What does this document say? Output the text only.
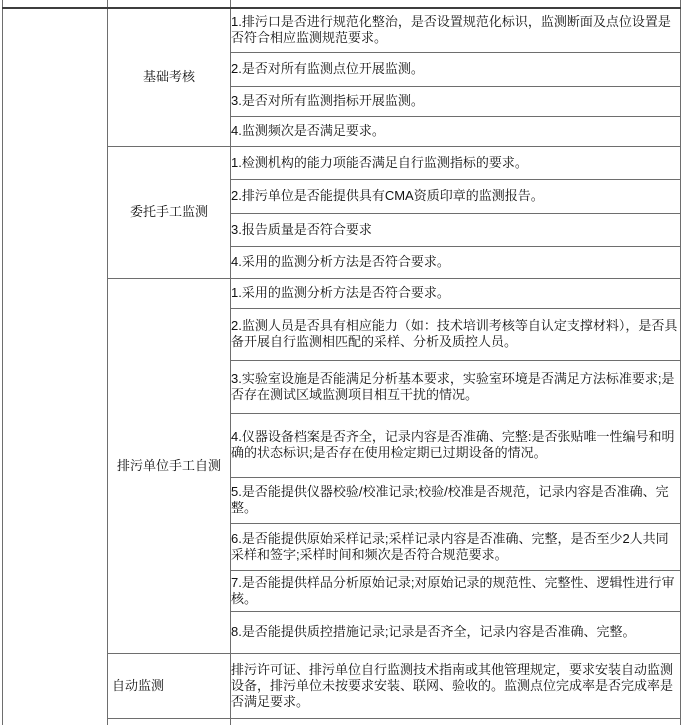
	基础考核	1.排污口是否进行规范化整治，是否设置规范化标识，监测断面及点位设置是否符合相应监测规范要求。
		2.是否对所有监测点位开展监测。
		3.是否对所有监测指标开展监测。
		4.监测频次是否满足要求。
	委托手工监测	1.检测机构的能力项能否满足自行监测指标的要求。
		2.排污单位是否能提供具有CMA资质印章的监测报告。
		3.报告质量是否符合要求
		4.采用的监测分析方法是否符合要求。
	排污单位手工自测	1.采用的监测分析方法是否符合要求。
		2.监测人员是否具有相应能力（如：技术培训考核等自认定支撑材料），是否具备开展自行监测相匹配的采样、分析及质控人员。
		3.实验室设施是否能满足分析基本要求，实验室环境是否满足方法标准要求;是否存在测试区域监测项目相互干扰的情况。
		4.仪器设备档案是否齐全，记录内容是否准确、完整:是否张贴唯一性编号和明确的状态标识;是否存在使用检定期已过期设备的情况。
		5.是否能提供仪器校验/校准记录;校验/校准是否规范，记录内容是否准确、完整。
		6.是否能提供原始采样记录;采样记录内容是否准确、完整，是否至少2人共同采样和签字;采样时间和频次是否符合规范要求。
		7.是否能提供样品分析原始记录;对原始记录的规范性、完整性、逻辑性进行审核。
		8.是否能提供质控措施记录;记录是否齐全，记录内容是否准确、完整。
	自动监测	排污许可证、排污单位自行监测技术指南或其他管理规定，要求安装自动监测设备，排污单位未按要求安装、联网、验收的。监测点位完成率是否完成率是否满足要求。
